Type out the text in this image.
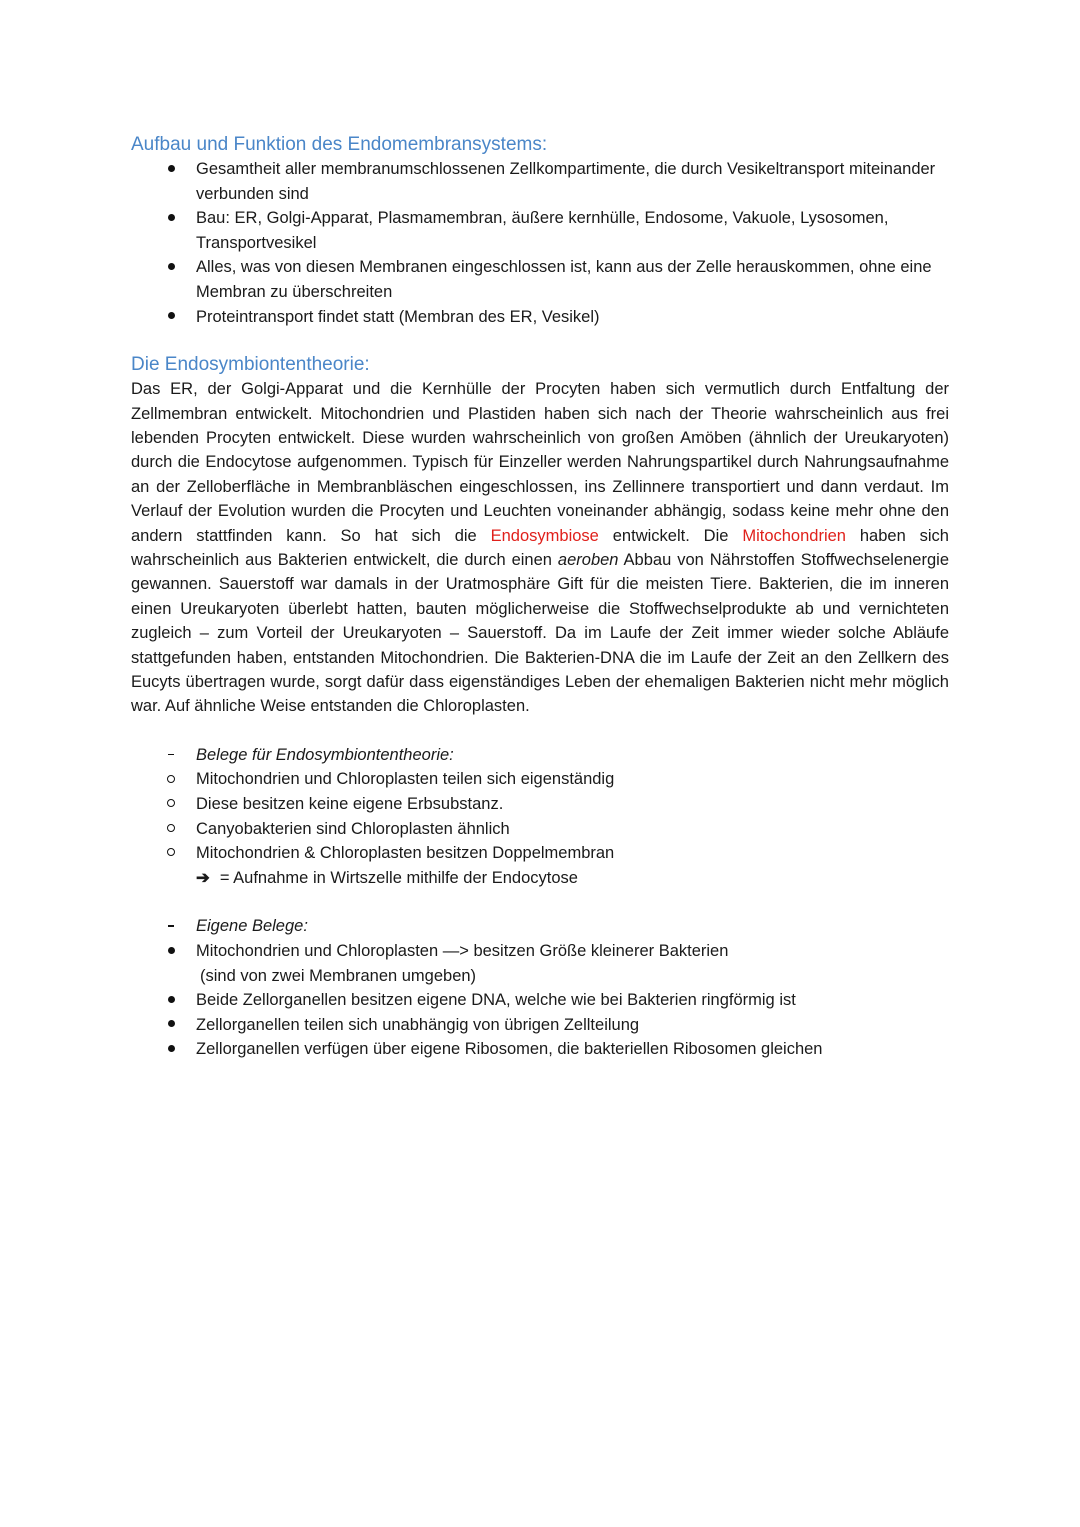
Aufbau und Funktion des Endomembransystems:
Gesamtheit aller membranumschlossenen Zellkompartimente, die durch Vesikeltransport miteinander verbunden sind
Bau: ER, Golgi-Apparat, Plasmamembran, äußere kernhülle, Endosome, Vakuole, Lysosomen, Transportvesikel
Alles, was von diesen Membranen eingeschlossen ist, kann aus der Zelle herauskommen, ohne eine Membran zu überschreiten
Proteintransport findet statt (Membran des ER, Vesikel)
Die Endosymbiontentheorie:

Das ER, der Golgi-Apparat und die Kernhülle der Procyten haben sich vermutlich durch Entfaltung der Zellmembran entwickelt. Mitochondrien und Plastiden haben sich nach der Theorie wahrscheinlich aus frei lebenden Procyten entwickelt. Diese wurden wahrscheinlich von großen Amöben (ähnlich der Ureukaryoten) durch die Endocytose aufgenommen. Typisch für Einzeller werden Nahrungspartikel durch Nahrungsaufnahme an der Zelloberfläche in Membranbläschen eingeschlossen, ins Zellinnere transportiert und dann verdaut. Im Verlauf der Evolution wurden die Procyten und Leuchten voneinander abhängig, sodass keine mehr ohne den andern stattfinden kann. So hat sich die Endosymbiose entwickelt. Die Mitochondrien haben sich wahrscheinlich aus Bakterien entwickelt, die durch einen aeroben Abbau von Nährstoffen Stoffwechselenergie gewannen. Sauerstoff war damals in der Uratmosphäre Gift für die meisten Tiere. Bakterien, die im inneren einen Ureukaryoten überlebt hatten, bauten möglicherweise die Stoffwechselprodukte ab und vernichteten zugleich – zum Vorteil der Ureukaryoten – Sauerstoff. Da im Laufe der Zeit immer wieder solche Abläufe stattgefunden haben, entstanden Mitochondrien. Die Bakterien-DNA die im Laufe der Zeit an den Zellkern des Eucyts übertragen wurde, sorgt dafür dass eigenständiges Leben der ehemaligen Bakterien nicht mehr möglich war. Auf ähnliche Weise entstanden die Chloroplasten.

Belege für Endosymbiontentheorie:
Mitochondrien und Chloroplasten teilen sich eigenständig
Diese besitzen keine eigene Erbsubstanz.
Canyobakterien sind Chloroplasten ähnlich
Mitochondrien & Chloroplasten besitzen Doppelmembran
➔ = Aufnahme in Wirtszelle mithilfe der Endocytose
Eigene Belege:
Mitochondrien und Chloroplasten —> besitzen Größe kleinerer Bakterien
(sind von zwei Membranen umgeben)
Beide Zellorganellen besitzen eigene DNA, welche wie bei Bakterien ringförmig ist
Zellorganellen teilen sich unabhängig von übrigen Zellteilung
Zellorganellen verfügen über eigene Ribosomen, die bakteriellen Ribosomen gleichen
